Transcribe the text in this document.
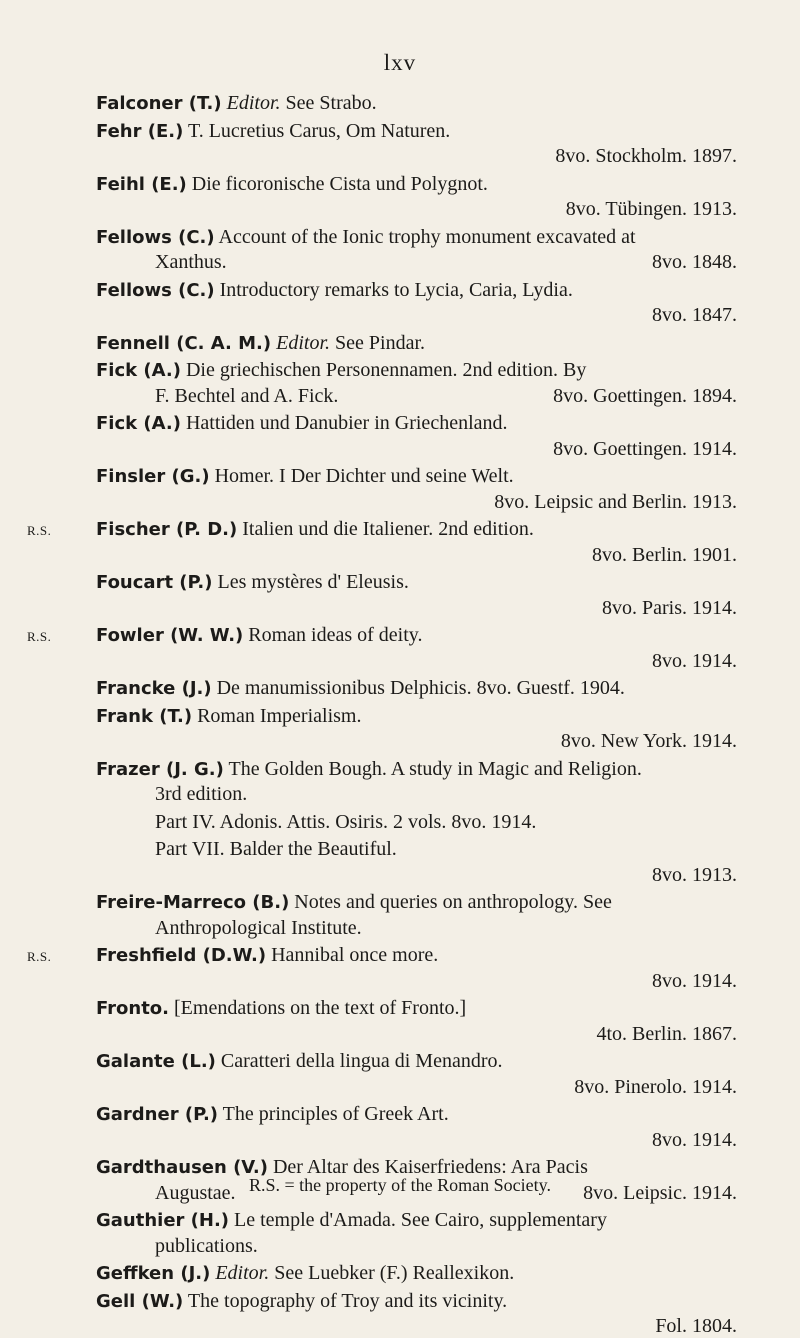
lxv
Falconer (T.) Editor. See Strabo.
Fehr (E.) T. Lucretius Carus, Om Naturen.
8vo. Stockholm. 1897.
Feihl (E.) Die ficoronische Cista und Polygnot.
8vo. Tübingen. 1913.
Fellows (C.) Account of the Ionic trophy monument excavated at
Xanthus.	8vo. 1848.
Fellows (C.) Introductory remarks to Lycia, Caria, Lydia.
8vo. 1847.
Fennell (C. A. M.) Editor. See Pindar.
Fick (A.) Die griechischen Personennamen. 2nd edition. By
F. Bechtel and A. Fick.	8vo. Goettingen. 1894.
Fick (A.) Hattiden und Danubier in Griechenland.
8vo. Goettingen. 1914.
Finsler (G.) Homer. I Der Dichter und seine Welt.
8vo. Leipsic and Berlin. 1913.
R.S. Fischer (P. D.) Italien und die Italiener. 2nd edition.
8vo. Berlin. 1901.
Foucart (P.) Les mystères d' Eleusis.
8vo. Paris. 1914.
R.S. Fowler (W. W.) Roman ideas of deity.
8vo. 1914.
Francke (J.) De manumissionibus Delphicis. 8vo. Guestf. 1904.
Frank (T.) Roman Imperialism.
8vo. New York. 1914.
Frazer (J. G.) The Golden Bough. A study in Magic and Religion.
3rd edition.
Part IV. Adonis. Attis. Osiris. 2 vols. 8vo. 1914.
Part VII. Balder the Beautiful.
8vo. 1913.
Freire-Marreco (B.) Notes and queries on anthropology. See
Anthropological Institute.
R.S. Freshfield (D.W.) Hannibal once more.
8vo. 1914.
Fronto. [Emendations on the text of Fronto.]
4to. Berlin. 1867.
Galante (L.) Caratteri della lingua di Menandro.
8vo. Pinerolo. 1914.
Gardner (P.) The principles of Greek Art.
8vo. 1914.
Gardthausen (V.) Der Altar des Kaiserfriedens: Ara Pacis
Augustae.	8vo. Leipsic. 1914.
Gauthier (H.) Le temple d'Amada. See Cairo, supplementary
publications.
Geffken (J.) Editor. See Luebker (F.) Reallexikon.
Gell (W.) The topography of Troy and its vicinity.
Fol. 1804.
R.S. = the property of the Roman Society.
